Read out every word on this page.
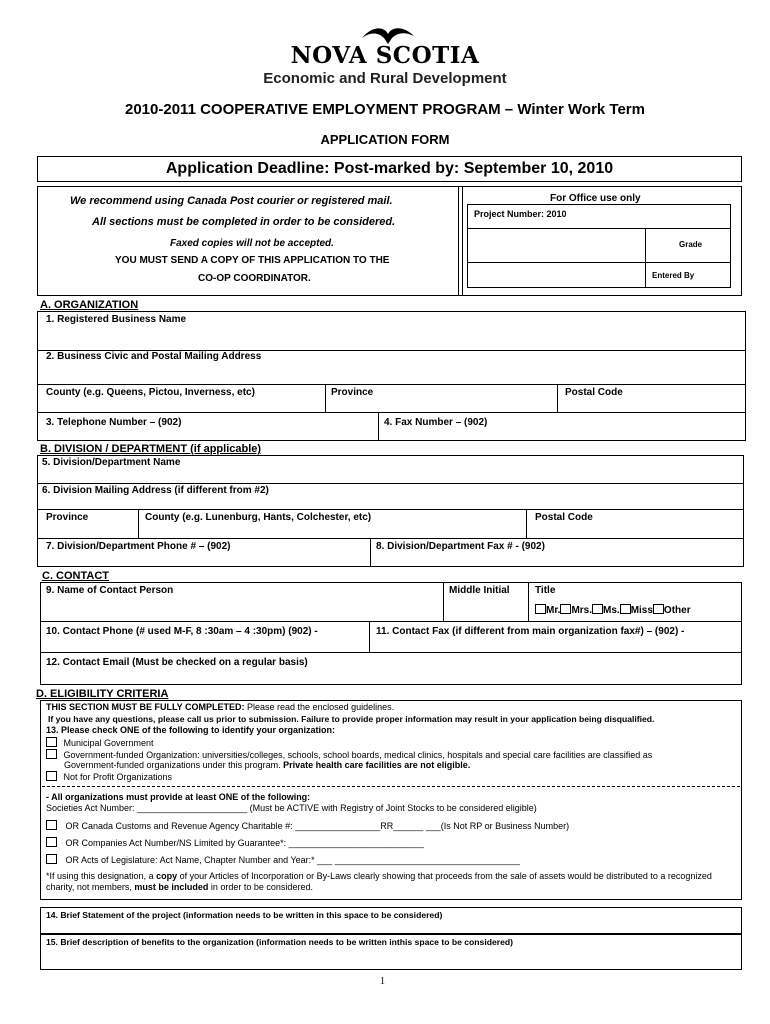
NOVA SCOTIA
Economic and Rural Development
2010-2011 COOPERATIVE EMPLOYMENT PROGRAM – Winter Work Term
APPLICATION FORM
Application Deadline: Post-marked by: September 10, 2010
We recommend using Canada Post courier or registered mail.
All sections must be completed in order to be considered.
Faxed copies will not be accepted.
YOU MUST SEND A COPY OF THIS APPLICATION TO THE
CO-OP COORDINATOR.
For Office use only
Project Number: 2010
Grade
Entered By
A. ORGANIZATION
1. Registered Business Name
2. Business Civic and Postal Mailing Address
County (e.g. Queens, Pictou, Inverness, etc)	Province	Postal Code
3. Telephone Number – (902)	4. Fax Number – (902)
B. DIVISION / DEPARTMENT (if applicable)
5. Division/Department Name
6. Division Mailing Address (if different from #2)
Province	County (e.g. Lunenburg, Hants, Colchester, etc)	Postal Code
7. Division/Department Phone # – (902)	8. Division/Department Fax # - (902)
C. CONTACT
9. Name of Contact Person	Middle Initial	Title
Mr. Mrs. Ms. Miss Other
10. Contact Phone (# used M-F, 8 :30am – 4 :30pm) (902) -	11. Contact Fax (if different from main organization fax#) – (902) -
12. Contact Email (Must be checked on a regular basis)
D. ELIGIBILITY CRITERIA
THIS SECTION MUST BE FULLY COMPLETED: Please read the enclosed guidelines.
If you have any questions, please call us prior to submission. Failure to provide proper information may result in your application being disqualified.
13. Please check ONE of the following to identify your organization:
Municipal Government
Government-funded Organization: universities/colleges, schools, school boards, medical clinics, hospitals and special care facilities are classified as
Government-funded organizations under this program. Private health care facilities are not eligible.
Not for Profit Organizations
- All organizations must provide at least ONE of the following:
Societies Act Number: ______________________ (Must be ACTIVE with Registry of Joint Stocks to be considered eligible)
OR Canada Customs and Revenue Agency Charitable #: _________________RR______ ___(Is Not RP or Business Number)
OR Companies Act Number/NS Limited by Guarantee*: ___________________________
OR Acts of Legislature: Act Name, Chapter Number and Year:* ___ _____________________________________
*If using this designation, a copy of your Articles of Incorporation or By-Laws clearly showing that proceeds from the sale of assets would be distributed to a recognized charity, not members, must be included in order to be considered.
14. Brief Statement of the project (information needs to be written in this space to be considered)
15. Brief description of benefits to the organization (information needs to be written inthis space to be considered)
1
